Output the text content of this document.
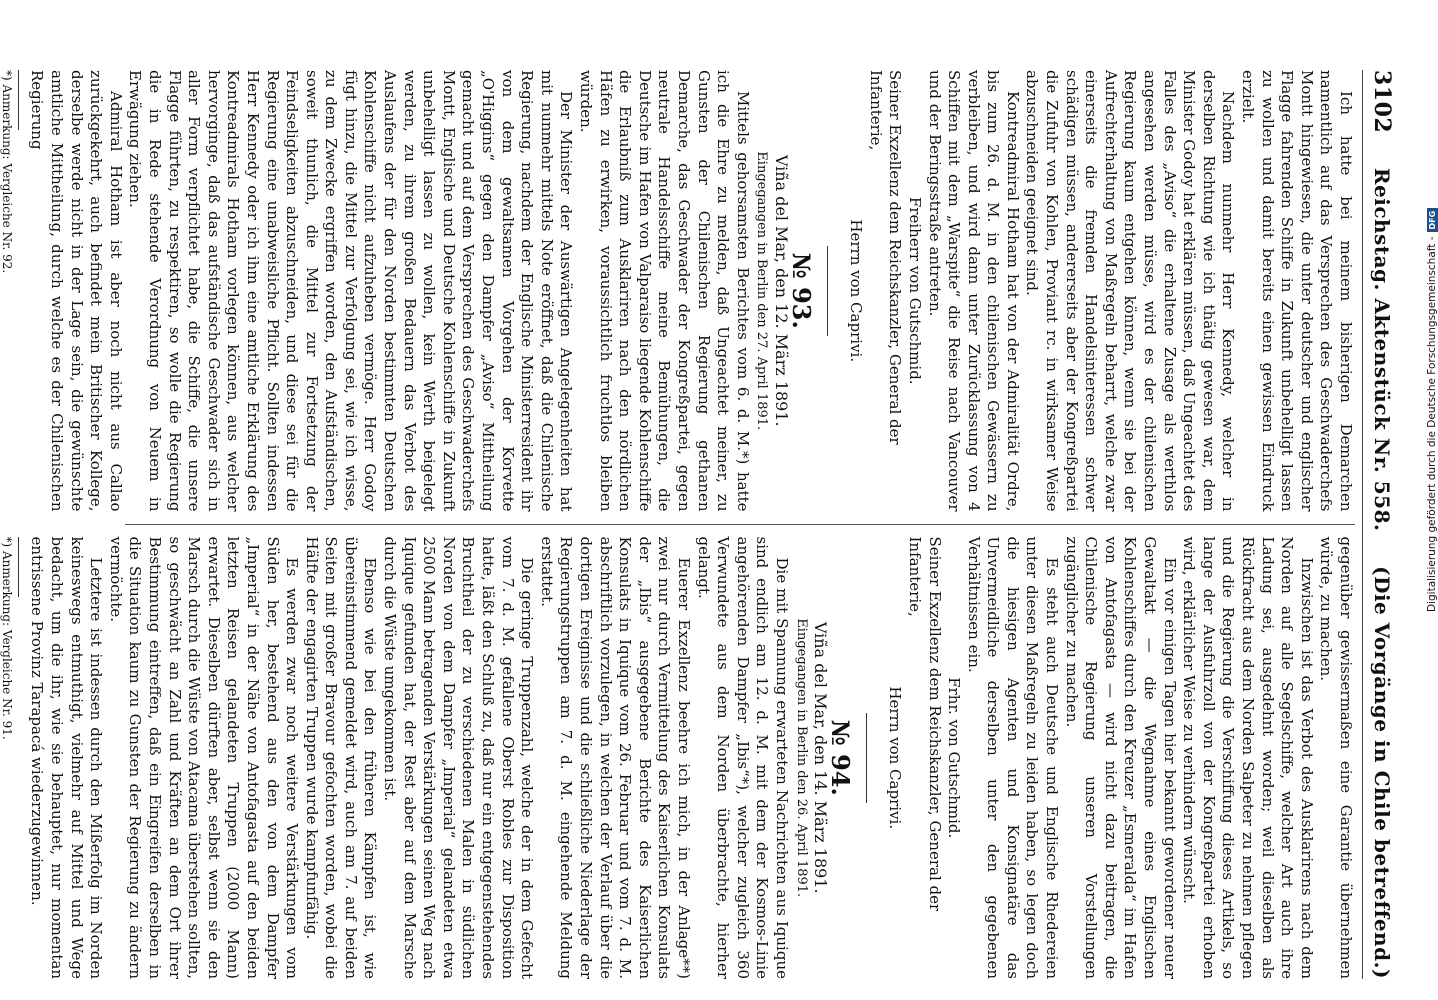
3102
Reichstag. Aktenstück Nr. 558.
(Die Vorgänge in Chile betreffend.)

Ich hatte bei meinem bisherigen Demarchen namentlich auf das Versprechen des Geschwaderchefs Montt hingewiesen, die unter deutscher und englischer Flagge fahrenden Schiffe in Zukunft unbehelligt lassen zu wollen und damit bereits einen gewissen Eindruck erzielt.

Nachdem nunmehr Herr Kennedy, welcher in derselben Richtung wie ich thätig gewesen war, dem Minister Godoy hat erklären müssen, daß Ungeachtet des Falles des „Aviso“ die erhaltene Zusage als werthlos angesehen werden müsse, wird es der chilenischen Regierung kaum entgehen können, wenn sie bei der Aufrechterhaltung von Maßregeln beharrt, welche zwar einerseits die fremden Handelsinteressen schwer schädigen müssen, andererseits aber der Kongreßpartei die Zufuhr von Kohlen, Proviant rc. in wirksamer Weise abzuschneiden geeignet sind.

Kontreadmiral Hotham hat von der Admiralität Ordre, bis zum 26. d. M. in den chilenischen Gewässern zu verbleiben, und wird dann unter Zurücklassung von 4 Schiffen mit dem „Warspite“ die Reise nach Vancouver und der Beringsstraße antreten.

Freiherr von Gutschmid.

Seiner Exzellenz dem Reichskanzler, General der Infanterie,

Herrn von Caprivi.

№ 93.

Viña del Mar, den 12. März 1891.

Eingegangen in Berlin den 27. April 1891.

Mittels gehorsamsten Berichtes vom 6. d. M.*) hatte ich die Ehre zu melden, daß Ungeachtet meiner, zu Gunsten der Chilenischen Regierung gethanen Demarche, das Geschwader der Kongreßpartei, gegen neutrale Handelsschiffe meine Bemühungen, die Deutsche im Hafen von Valparaiso liegende Kohlenschiffe die Erlaubniß zum Ausklariren nach den nördlichen Häfen zu erwirken, voraussichtlich fruchtlos bleiben würden.

Der Minister der Auswärtigen Angelegenheiten hat mit nunmehr mittels Note eröffnet, daß die Chilenische Regierung, nachdem der Englische Ministerresident ihr von dem gewaltsamen Vorgehen der Korvette „O'Higgins“ gegen den Dampfer „Aviso“ Mittheilung gemacht und auf dem Versprechen des Geschwaderchefs Montt, Englische und Deutsche Kohlenschiffe in Zukunft unbehelligt lassen zu wollen, kein Werth beigelegt werden, zu ihrem großen Bedauern das Verbot des Auslaufens der für den Norden bestimmten Deutschen Kohlenschiffe nicht aufzuheben vermöge. Herr Godoy fügt hinzu, die Mittel zur Verfolgung sei, wie ich wisse, zu dem Zwecke ergriffen worden, den Aufständischen, soweit thunlich, die Mittel zur Fortsetzung der Feindseligkeiten abzuschneiden, und diese sei für die Regierung eine unabweisliche Pflicht. Sollten indessen Herr Kennedy oder ich ihm eine amtliche Erklärung des Kontreadmirals Hotham vorlegen können, aus welcher hervorginge, daß das aufständische Geschwader sich in aller Form verpflichtet habe, die Schiffe, die unsere Flagge führten, zu respektiren, so wolle die Regierung die in Rede stehende Verordnung von Neuem in Erwägung ziehen.

Admiral Hotham ist aber noch nicht aus Callao zurückgekehrt, auch befindet mein Britischer Kollege, derselbe werde nicht in der Lage sein, die gewünschte amtliche Mittheilung, durch welche es der Chilenischen Regierung

*) Anmerkung: Vergleiche Nr. 92.

gegenüber gewissermaßen eine Garantie übernehmen würde, zu machen.

Inzwischen ist das Verbot des Ausklarirens nach dem Norden auf alle Segelschiffe, welcher Art auch ihre Ladung sei, ausgedehnt worden; weil dieselben als Rückfracht aus dem Norden Salpeter zu nehmen pflegen und die Regierung die Verschiffung dieses Artikels, so lange der Ausfuhrzoll von der Kongreßpartei erhoben wird, erklärlicher Weise zu verhindern wünscht.

Ein vor einigen Tagen hier bekannt gewordener neuer Gewaltakt — die Wegnahme eines Englischen Kohlenschiffes durch den Kreuzer „Esmeralda“ im Hafen von Antofagasta — wird nicht dazu beitragen, die Chilenische Regierung unseren Vorstellungen zugänglicher zu machen.

Es steht auch Deutsche und Englische Rhedereien unter diesen Maßregeln zu leiden haben, so legen doch die hiesigen Agenten und Konsignatäre das Unvermeidliche derselben unter den gegebenen Verhältnissen ein.

Frhr. von Gutschmid.

Seiner Exzellenz dem Reichskanzler, General der Infanterie,

Herrn von Caprivi.

№ 94.

Viña del Mar, den 14. März 1891.

Eingegangen in Berlin den 26. April 1891.

Die mit Spannung erwarteten Nachrichten aus Iquique sind endlich am 12. d. M. mit dem der Kosmos-Linie angehörenden Dampfer „Ibis“*), welcher zugleich 360 Verwundete aus dem Norden überbrachte, hierher gelangt.

Euerer Exzellenz beehre ich mich, in der Anlage**) zwei nur durch Vermittelung des Kaiserlichen Konsulats der „Ibis“ ausgegebene Berichte des Kaiserlichen Konsulats in Iquique vom 26. Februar und vom 7. d. M. abschriftlich vorzulegen, in welchen der Verlauf über die dortigen Ereignisse und die schließliche Niederlage der Regierungstruppen am 7. d. M. eingehende Meldung erstattet.

Die geringe Truppenzahl, welche der in dem Gefecht vom 7. d. M. gefallene Oberst Robles zur Disposition hatte, läßt den Schluß zu, daß nur ein entgegenstehendes Bruchtheil der zu verschiedenen Malen in südlichen Norden von dem Dampfer „Imperial“ gelandeten etwa 2500 Mann betragenden Verstärkungen seinen Weg nach Iquique gefunden hat, der Rest aber auf dem Marsche durch die Wüste umgekommen ist.

Ebenso wie bei den früheren Kämpfen ist, wie übereinstimmend gemeldet wird, auch am 7. auf beiden Seiten mit großer Bravour gefochten worden, wobei die Hälfte der engagirten Truppen wurde kampfunfähig.

Es werden zwar noch weitere Verstärkungen vom Süden her, bestehend aus den von dem Dampfer „Imperial“ in der Nähe von Antofagasta auf den beiden letzten Reisen gelandeten Truppen (2000 Mann) erwartet. Dieselben dürften aber, selbst wenn sie den Marsch durch die Wüste von Atacama überstehen sollten, so geschwächt an Zahl und Kräften an dem Ort ihrer Bestimmung eintreffen, daß ein Eingreifen derselben in die Situation kaum zu Gunsten der Regierung zu ändern vermöchte.

Letztere ist indessen durch den Mißerfolg im Norden keineswegs entmuthigt, vielmehr auf Mittel und Wege bedacht, um die ihr, wie sie behauptet, nur momentan entrissene Provinz Tarapacá wiederzugewinnen.

*) Anmerkung: Vergleiche Nr. 91.

Digitalisierung gefördert durch die Deutsche Forschungsgemeinschaft -
DFG
